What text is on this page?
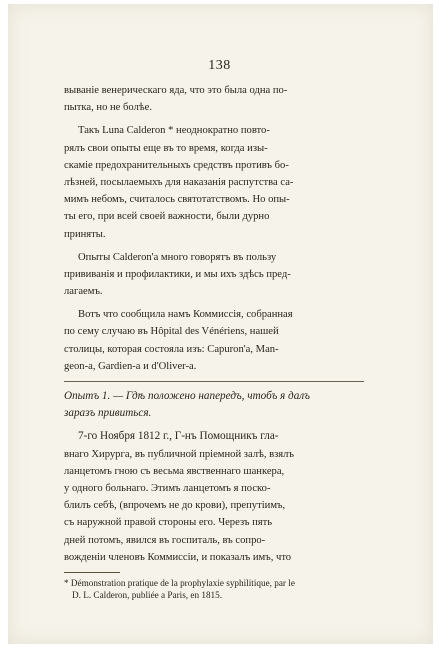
138
вываніе венерическаго яда, что это была одна по-
пытка, но не болѣе.
Такъ Luna Calderon * неоднократно повто-
рялъ свои опыты еще въ то время, когда изы-
скаміе предохранительныхъ средствъ противъ бо-
лѣзней, посылаемыхъ для наказанія распутства са-
мимъ небомъ, считалось святотатствомъ. Но опы-
ты его, при всей своей важности, были дурно
приняты.
Опыты Calderon'а много говорятъ въ пользу
прививанія и профилактики, и мы ихъ здѣсь пред-
лагаемъ.
Вотъ что сообщила намъ Коммиссія, собранная
по сему случаю въ Hôpital des Vénériens, нашей
столицы, которая состояла изъ: Capuron'а, Man-
geon-а, Gardien-а и d'Oliver-а.
Опытъ 1. — Гдѣ положено напередъ, чтобъ я далъ
заразъ привиться.
7-го Ноября 1812 г., Г-нъ Помощникъ гла-
внаго Хирурга, въ публичной пріемной залѣ, взялъ
ланцетомъ гною съ весьма явственнаго шанкера,
у одного больнаго. Этимъ ланцетомъ я поско-
блилъ себѣ, (впрочемъ не до крови), препутіимъ,
съ наружной правой стороны его. Черезъ пять
дней потомъ, явился въ госпиталь, въ сопро-
вожденіи членовъ Коммиссіи, и показалъ имъ, что
* Démonstration pratique de la prophylaxie syphilitique, par le
D. L. Calderon, publiée a Paris, en 1815.
